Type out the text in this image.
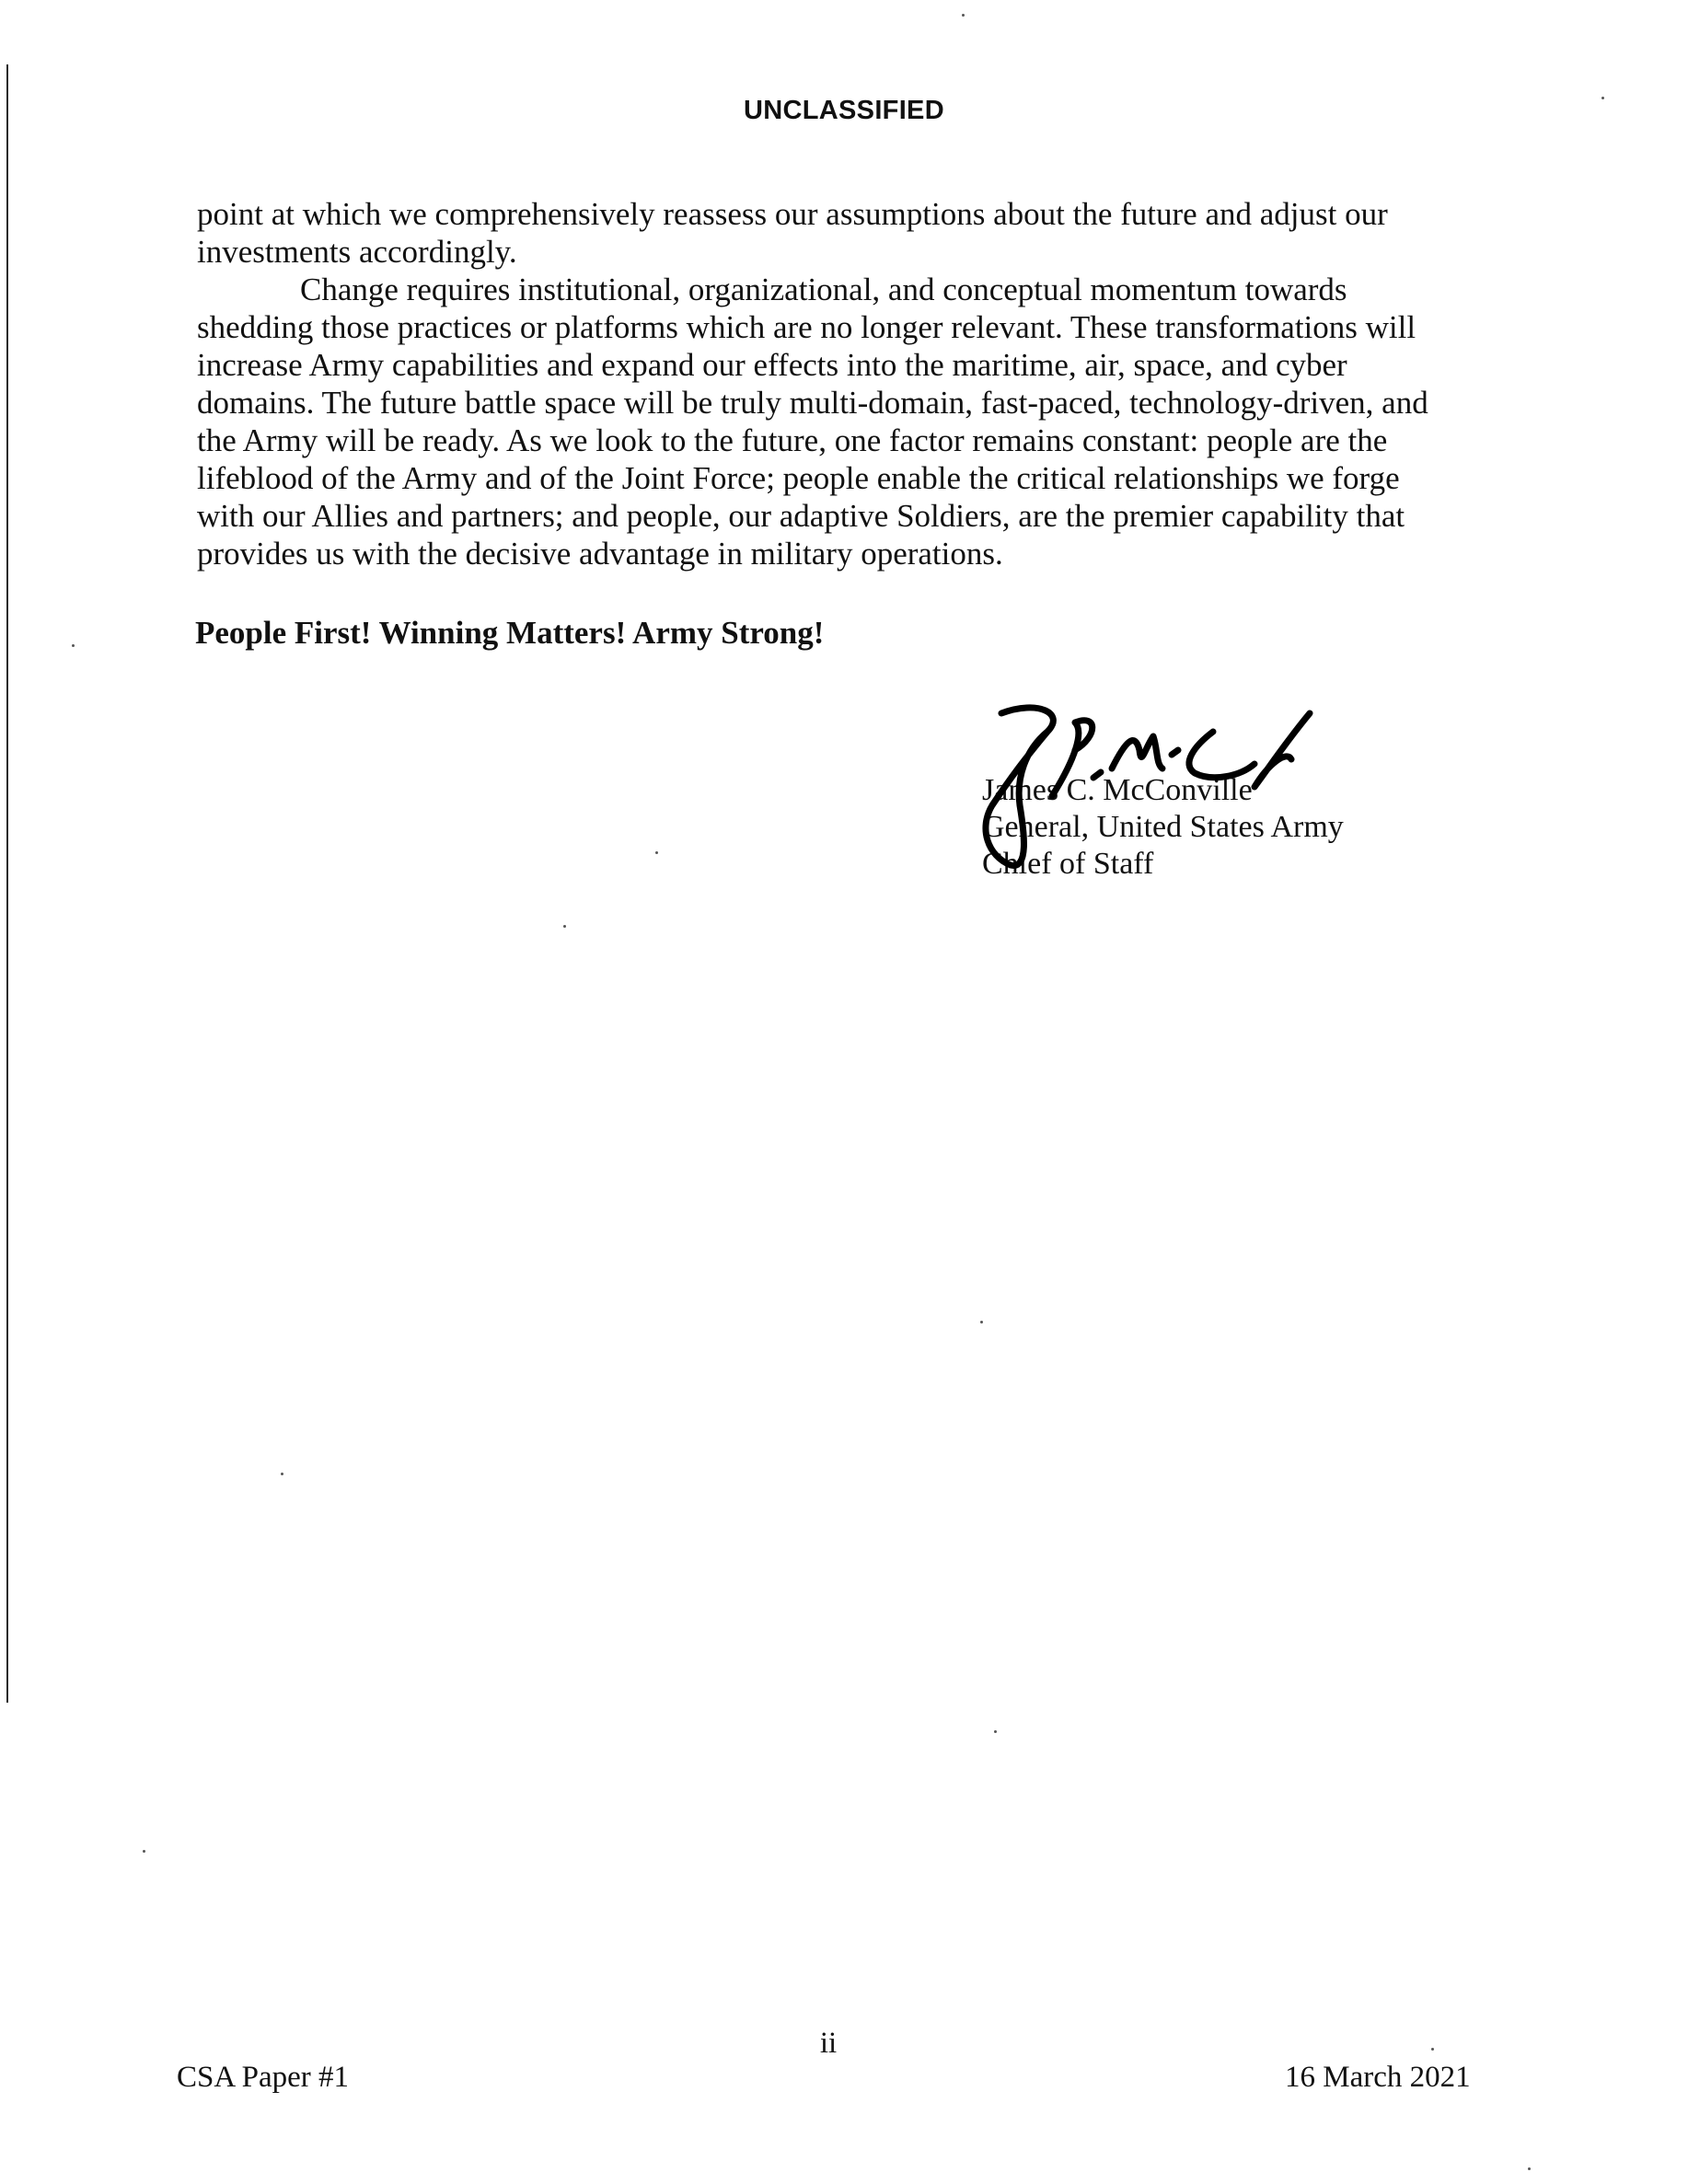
UNCLASSIFIED

point at which we comprehensively reassess our assumptions about the future and adjust our investments accordingly.

Change requires institutional, organizational, and conceptual momentum towards shedding those practices or platforms which are no longer relevant. These transformations will increase Army capabilities and expand our effects into the maritime, air, space, and cyber domains. The future battle space will be truly multi-domain, fast-paced, technology-driven, and the Army will be ready. As we look to the future, one factor remains constant: people are the lifeblood of the Army and of the Joint Force; people enable the critical relationships we forge with our Allies and partners; and people, our adaptive Soldiers, are the premier capability that provides us with the decisive advantage in military operations.

People First! Winning Matters! Army Strong!
James C. McConville
General, United States Army
Chief of Staff
ii
CSA Paper #1	16 March 2021
